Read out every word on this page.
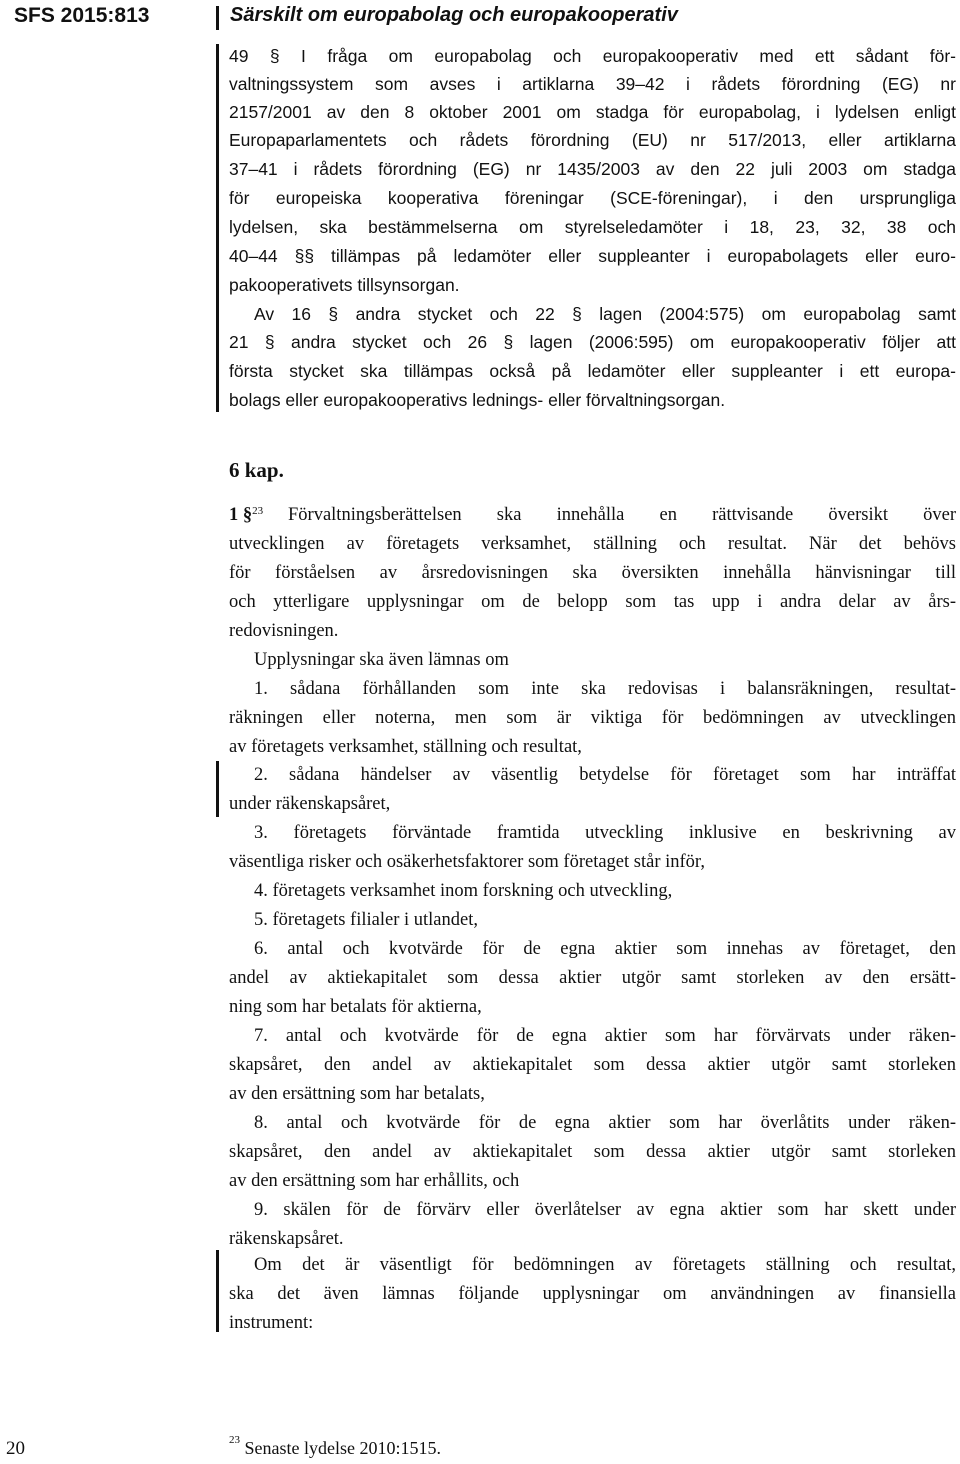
SFS 2015:813	Särskilt om europabolag och europakooperativ
49 § I fråga om europabolag och europakooperativ med ett sådant för-
valtningssystem som avses i artiklarna 39–42 i rådets förordning (EG) nr
2157/2001 av den 8 oktober 2001 om stadga för europabolag, i lydelsen enligt
Europaparlamentets och rådets förordning (EU) nr 517/2013, eller artiklarna
37–41 i rådets förordning (EG) nr 1435/2003 av den 22 juli 2003 om stadga
för europeiska kooperativa föreningar (SCE-föreningar), i den ursprungliga
lydelsen, ska bestämmelserna om styrelseledamöter i 18, 23, 32, 38 och
40–44 §§ tillämpas på ledamöter eller suppleanter i europabolagets eller euro-
pakooperativets tillsynsorgan.
Av 16 § andra stycket och 22 § lagen (2004:575) om europabolag samt
21 § andra stycket och 26 § lagen (2006:595) om europakooperativ följer att
första stycket ska tillämpas också på ledamöter eller suppleanter i ett europa-
bolags eller europakooperativs lednings- eller förvaltningsorgan.
6 kap.
1 §$^{23}$ Förvaltningsberättelsen ska innehålla en rättvisande översikt över
utvecklingen av företagets verksamhet, ställning och resultat. När det behövs
för förståelsen av årsredovisningen ska översikten innehålla hänvisningar till
och ytterligare upplysningar om de belopp som tas upp i andra delar av års-
redovisningen.
Upplysningar ska även lämnas om
1. sådana förhållanden som inte ska redovisas i balansräkningen, resultat-
räkningen eller noterna, men som är viktiga för bedömningen av utvecklingen
av företagets verksamhet, ställning och resultat,
2. sådana händelser av väsentlig betydelse för företaget som har inträffat
under räkenskapsåret,
3. företagets förväntade framtida utveckling inklusive en beskrivning av
väsentliga risker och osäkerhetsfaktorer som företaget står inför,
4. företagets verksamhet inom forskning och utveckling,
5. företagets filialer i utlandet,
6. antal och kvotvärde för de egna aktier som innehas av företaget, den
andel av aktiekapitalet som dessa aktier utgör samt storleken av den ersätt-
ning som har betalats för aktierna,
7. antal och kvotvärde för de egna aktier som har förvärvats under räken-
skapsåret, den andel av aktiekapitalet som dessa aktier utgör samt storleken
av den ersättning som har betalats,
8. antal och kvotvärde för de egna aktier som har överlåtits under räken-
skapsåret, den andel av aktiekapitalet som dessa aktier utgör samt storleken
av den ersättning som har erhållits, och
9. skälen för de förvärv eller överlåtelser av egna aktier som har skett under
räkenskapsåret.
Om det är väsentligt för bedömningen av företagets ställning och resultat,
ska det även lämnas följande upplysningar om användningen av finansiella
instrument:
20	$^{23}$ Senaste lydelse 2010:1515.
